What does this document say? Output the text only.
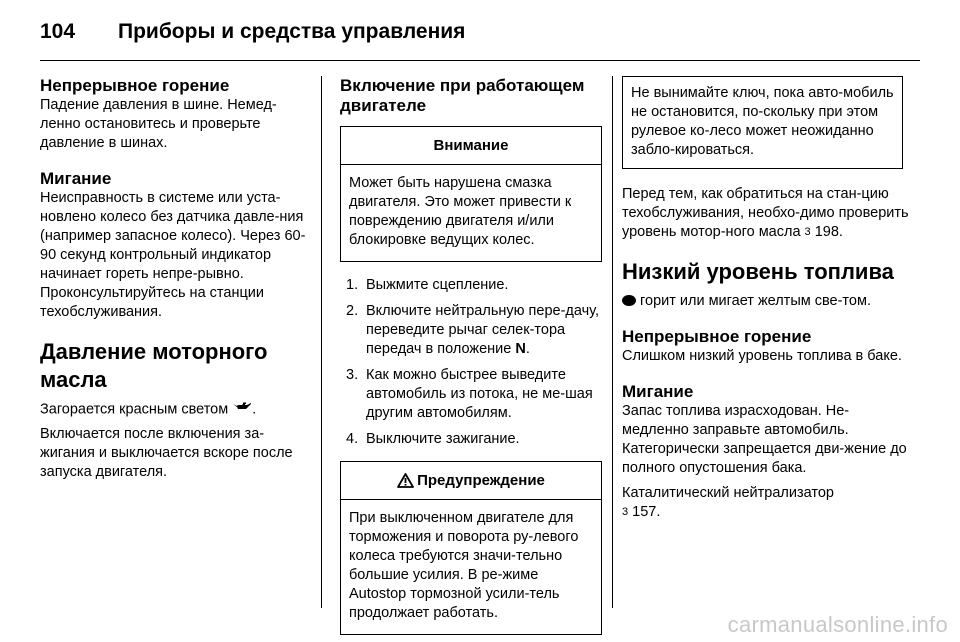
104	Приборы и средства управления
Непрерывное горение

Падение давления в шине. Немед-ленно остановитесь и проверьте давление в шинах.

Мигание

Неисправность в системе или уста-новлено колесо без датчика давле-ния (например запасное колесо). Через 60-90 секунд контрольный индикатор начинает гореть непре-рывно. Проконсультируйтесь на станции техобслуживания.

Давление моторного масла

Загорается красным светом .

Включается после включения за-жигания и выключается вскоре после запуска двигателя.

Включение при работающем двигателе
Внимание
Может быть нарушена смазка двигателя. Это может привести к повреждению двигателя и/или блокировке ведущих колес.
1. Выжмите сцепление.
2. Включите нейтральную пере-дачу, переведите рычаг селек-тора передач в положение N.
3. Как можно быстрее выведите автомобиль из потока, не ме-шая другим автомобилям.
4. Выключите зажигание.
Предупреждение
При выключенном двигателе для торможения и поворота ру-левого колеса требуются значи-тельно большие усилия. В ре-жиме Autostop тормозной усили-тель продолжает работать.
Не вынимайте ключ, пока авто-мобиль не остановится, по-скольку при этом рулевое ко-лесо может неожиданно забло-кироваться.

Перед тем, как обратиться на стан-цию техобслуживания, необхо-димо проверить уровень мотор-ного масла 3 198.

Низкий уровень топлива

горит или мигает желтым све-том.

Непрерывное горение

Слишком низкий уровень топлива в баке.

Мигание

Запас топлива израсходован. Не-медленно заправьте автомобиль. Категорически запрещается дви-жение до полного опустошения бака.

Каталитический нейтрализатор
3 157.

carmanualsonline.info
